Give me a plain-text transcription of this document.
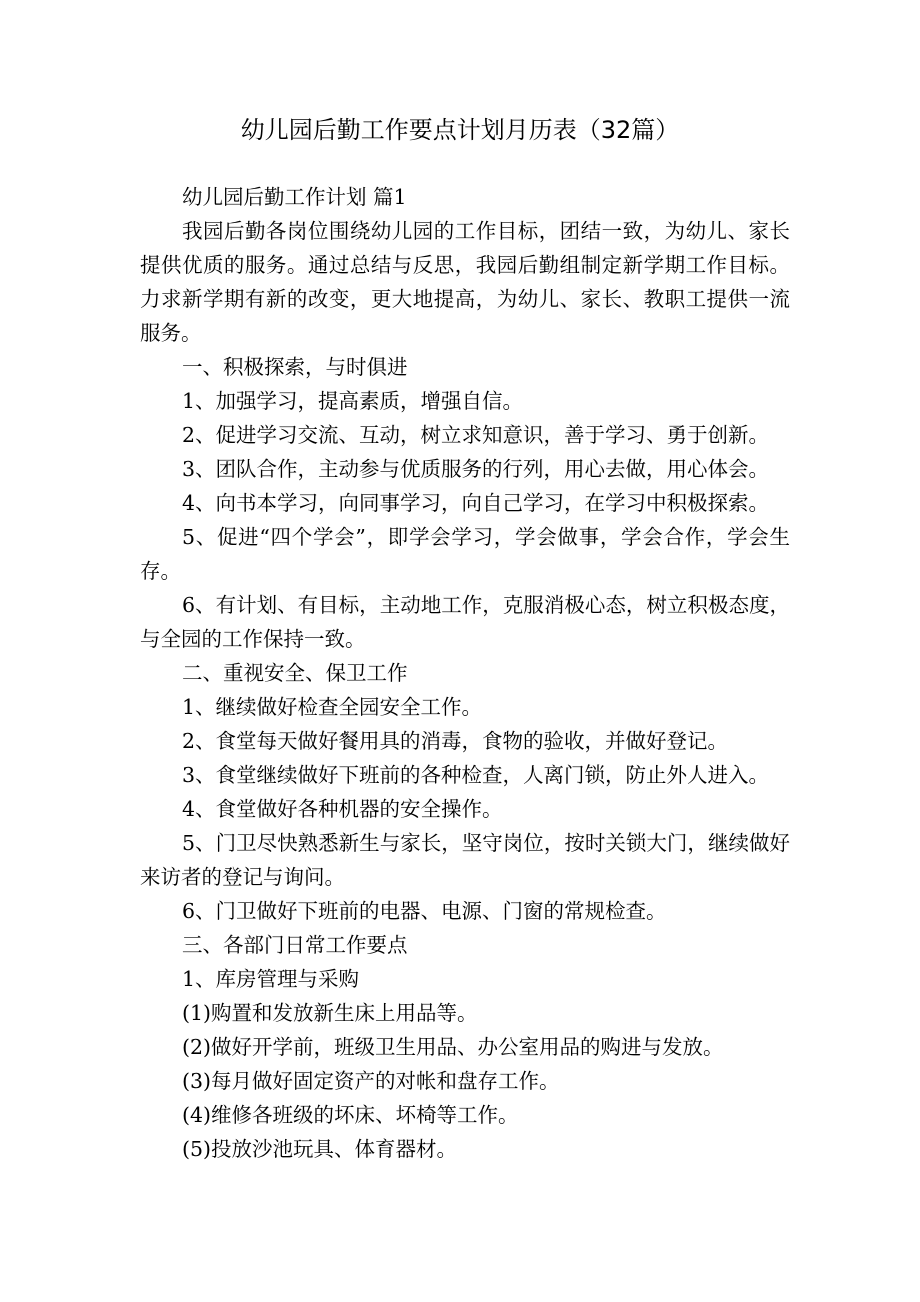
幼儿园后勤工作要点计划月历表（32篇）

幼儿园后勤工作计划 篇1

我园后勤各岗位围绕幼儿园的工作目标，团结一致，为幼儿、家长提供优质的服务。通过总结与反思，我园后勤组制定新学期工作目标。力求新学期有新的改变，更大地提高，为幼儿、家长、教职工提供一流服务。

一、积极探索，与时俱进

1、加强学习，提高素质，增强自信。

2、促进学习交流、互动，树立求知意识，善于学习、勇于创新。

3、团队合作，主动参与优质服务的行列，用心去做，用心体会。

4、向书本学习，向同事学习，向自己学习，在学习中积极探索。

5、促进“四个学会”，即学会学习，学会做事，学会合作，学会生存。

6、有计划、有目标，主动地工作，克服消极心态，树立积极态度，与全园的工作保持一致。

二、重视安全、保卫工作

1、继续做好检查全园安全工作。

2、食堂每天做好餐用具的消毒，食物的验收，并做好登记。

3、食堂继续做好下班前的各种检查，人离门锁，防止外人进入。

4、食堂做好各种机器的安全操作。

5、门卫尽快熟悉新生与家长，坚守岗位，按时关锁大门，继续做好来访者的登记与询问。

6、门卫做好下班前的电器、电源、门窗的常规检查。

三、各部门日常工作要点

1、库房管理与采购

(1)购置和发放新生床上用品等。

(2)做好开学前，班级卫生用品、办公室用品的购进与发放。

(3)每月做好固定资产的对帐和盘存工作。

(4)维修各班级的坏床、坏椅等工作。

(5)投放沙池玩具、体育器材。
